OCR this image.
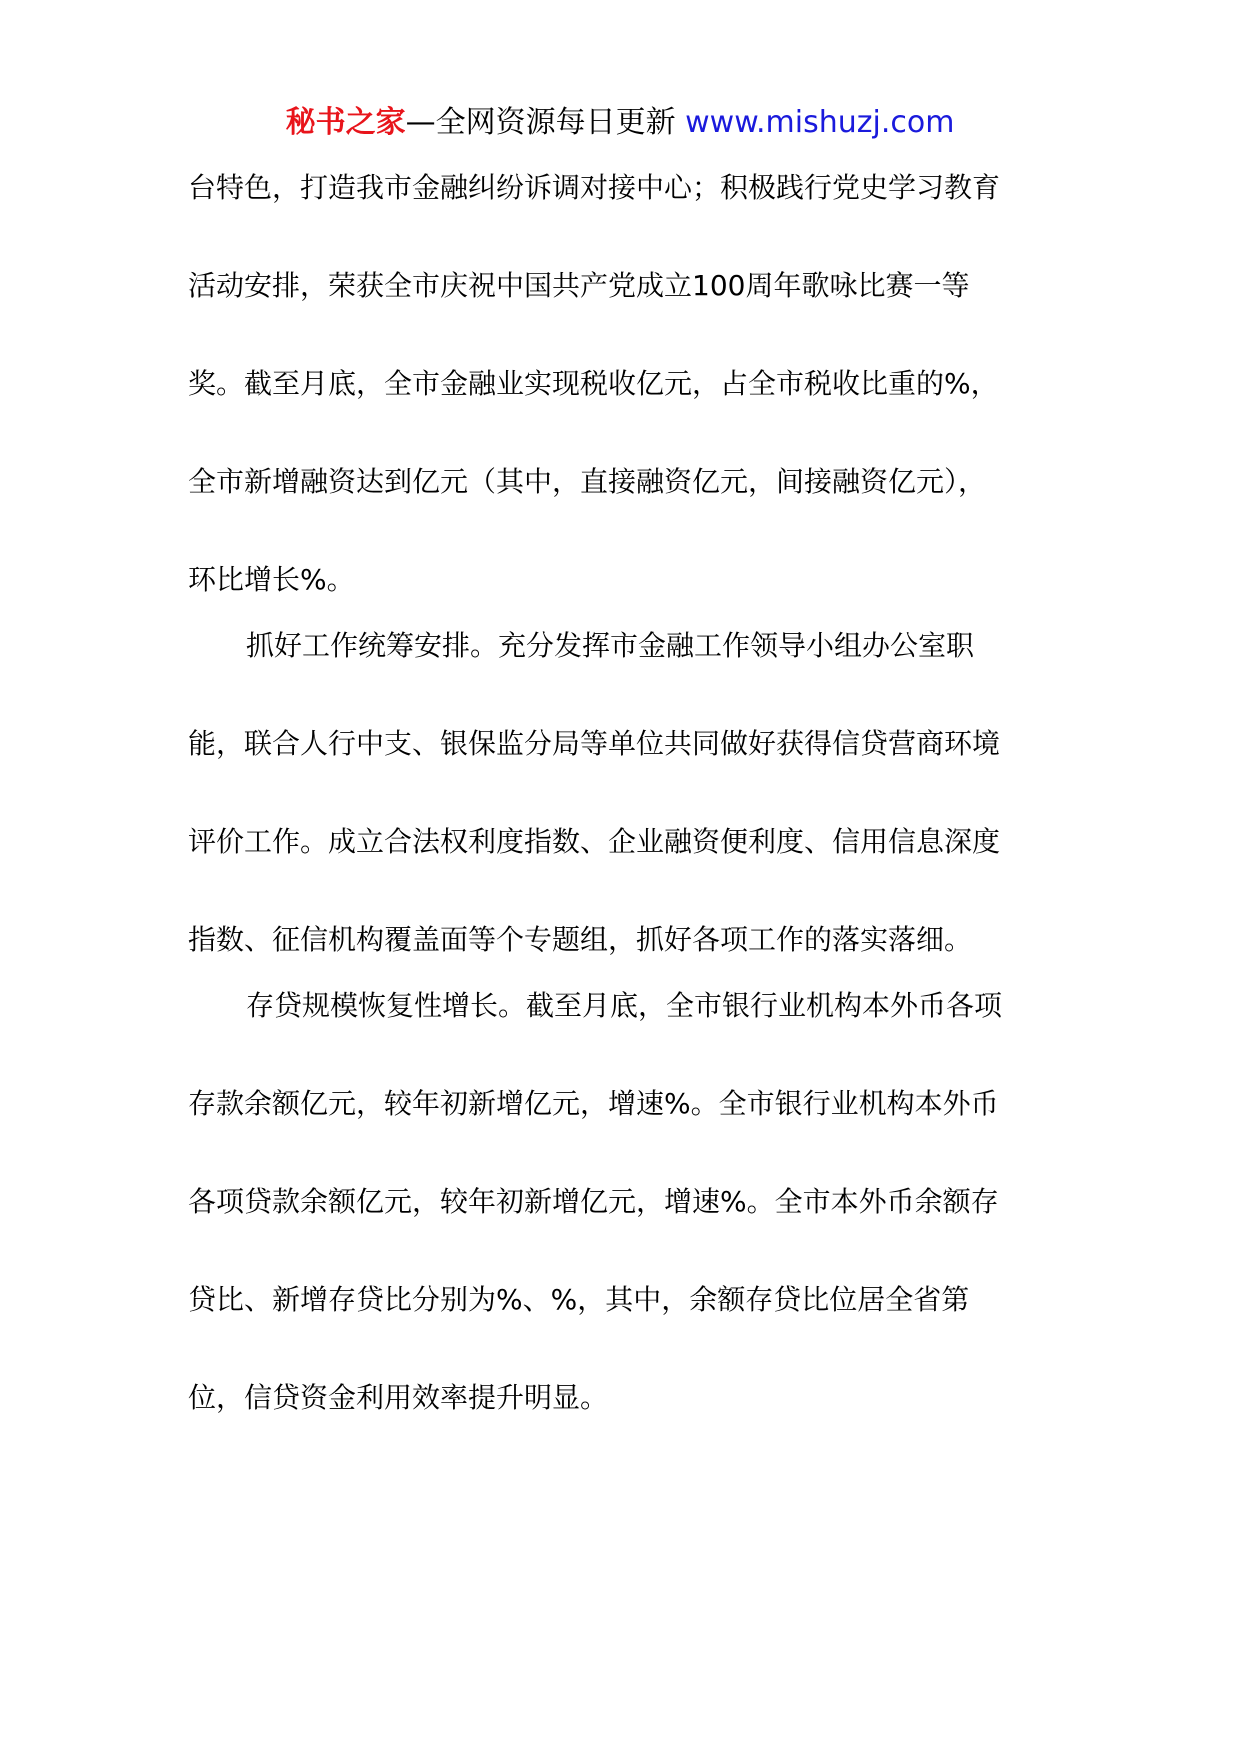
秘书之家—全网资源每日更新 www.mishuzj.com

台特色，打造我市金融纠纷诉调对接中心；积极践行党史学习教育

活动安排，荣获全市庆祝中国共产党成立100周年歌咏比赛一等

奖。截至月底，全市金融业实现税收亿元，占全市税收比重的%，

全市新增融资达到亿元（其中，直接融资亿元，间接融资亿元），

环比增长%。

抓好工作统筹安排。充分发挥市金融工作领导小组办公室职

能，联合人行中支、银保监分局等单位共同做好获得信贷营商环境

评价工作。成立合法权利度指数、企业融资便利度、信用信息深度

指数、征信机构覆盖面等个专题组，抓好各项工作的落实落细。

存贷规模恢复性增长。截至月底，全市银行业机构本外币各项

存款余额亿元，较年初新增亿元，增速%。全市银行业机构本外币

各项贷款余额亿元，较年初新增亿元，增速%。全市本外币余额存

贷比、新增存贷比分别为%、%，其中，余额存贷比位居全省第

位，信贷资金利用效率提升明显。
